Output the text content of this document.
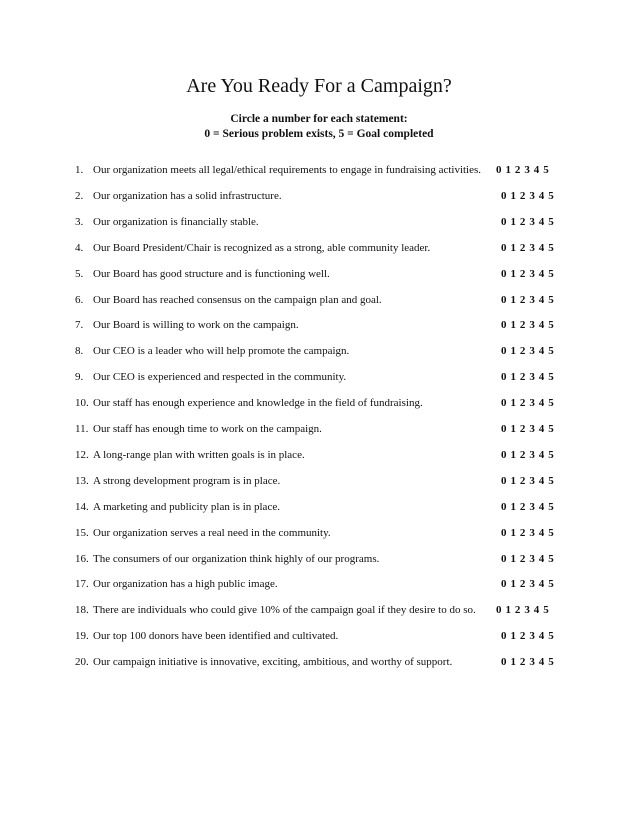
Are You Ready For a Campaign?
Circle a number for each statement:
0 = Serious problem exists, 5 = Goal completed
1. Our organization meets all legal/ethical requirements to engage in fundraising activities. 0 1 2 3 4 5
2. Our organization has a solid infrastructure.	0 1 2 3 4 5
3. Our organization is financially stable.	0 1 2 3 4 5
4. Our Board President/Chair is recognized as a strong, able community leader.	0 1 2 3 4 5
5. Our Board has good structure and is functioning well.	0 1 2 3 4 5
6. Our Board has reached consensus on the campaign plan and goal.	0 1 2 3 4 5
7. Our Board is willing to work on the campaign.	0 1 2 3 4 5
8. Our CEO is a leader who will help promote the campaign.	0 1 2 3 4 5
9. Our CEO is experienced and respected in the community.	0 1 2 3 4 5
10. Our staff has enough experience and knowledge in the field of fundraising.	0 1 2 3 4 5
11. Our staff has enough time to work on the campaign.	0 1 2 3 4 5
12. A long-range plan with written goals is in place.	0 1 2 3 4 5
13. A strong development program is in place.	0 1 2 3 4 5
14. A marketing and publicity plan is in place.	0 1 2 3 4 5
15. Our organization serves a real need in the community.	0 1 2 3 4 5
16. The consumers of our organization think highly of our programs.	0 1 2 3 4 5
17. Our organization has a high public image.	0 1 2 3 4 5
18. There are individuals who could give 10% of the campaign goal if they desire to do so. 0 1 2 3 4 5
19. Our top 100 donors have been identified and cultivated.	0 1 2 3 4 5
20. Our campaign initiative is innovative, exciting, ambitious, and worthy of support.	0 1 2 3 4 5
